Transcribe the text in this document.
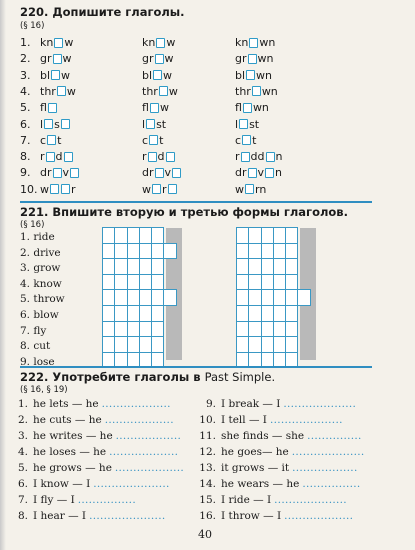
220. Допишите глаголы.
(§ 16)
1. kn w	kn w	kn wn
2. gr w	gr w	gr wn
3. bl w	bl w	bl wn
4. thr w	thr w	thr wn
5. fl	fl w	fl wn
6. l s	l st	l st
7. c t	c t	c t
8. r d	r d	r dd n
9. dr v	dr v	dr v n
10. w r	w r	w rn
221. Впишите вторую и третью формы глаголов.
(§ 16)
1. ride
2. drive
3. grow
4. know
5. throw
6. blow
7. fly
8. cut
9. lose

222. Употребите глаголы в Past Simple.
(§ 16, § 19)
1. he lets — he ...................
2. he cuts — he ...................
3. he writes — he ..................
4. he loses — he ...................
5. he grows — he ...................
6. I know — I .....................
7. I fly — I ................
8. I hear — I .....................
9. I break — I ....................
10. I tell — I ....................
11. she finds — she ...............
12. he goes— he ....................
13. it grows — it ..................
14. he wears — he ................
15. I ride — I ....................
16. I throw — I ...................
40
